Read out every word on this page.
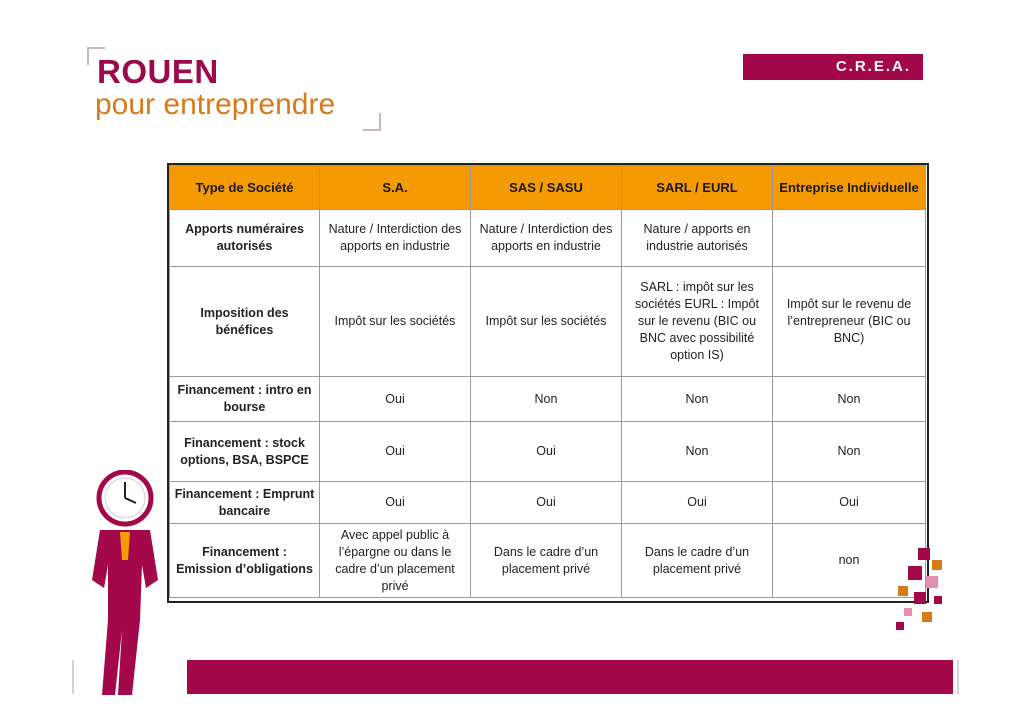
ROUEN
pour entreprendre
C.R.E.A.
Type de Société	S.A.	SAS / SASU	SARL / EURL	Entreprise Individuelle
Apports numéraires autorisés	Nature / Interdiction des apports en industrie	Nature / Interdiction des apports en industrie	Nature / apports en industrie autorisés	
Imposition des bénéfices	Impôt sur les sociétés	Impôt sur les sociétés	SARL : impôt sur les sociétés EURL : Impôt sur le revenu (BIC ou BNC avec possibilité option IS)	Impôt sur le revenu de l’entrepreneur (BIC ou BNC)
Financement : intro en bourse	Oui	Non	Non	Non
Financement : stock options, BSA, BSPCE	Oui	Oui	Non	Non
Financement : Emprunt bancaire	Oui	Oui	Oui	Oui
Financement : Emission d’obligations	Avec appel public à l’épargne ou dans le cadre d’un placement privé	Dans le cadre d’un placement privé	Dans le cadre d’un placement privé	non
